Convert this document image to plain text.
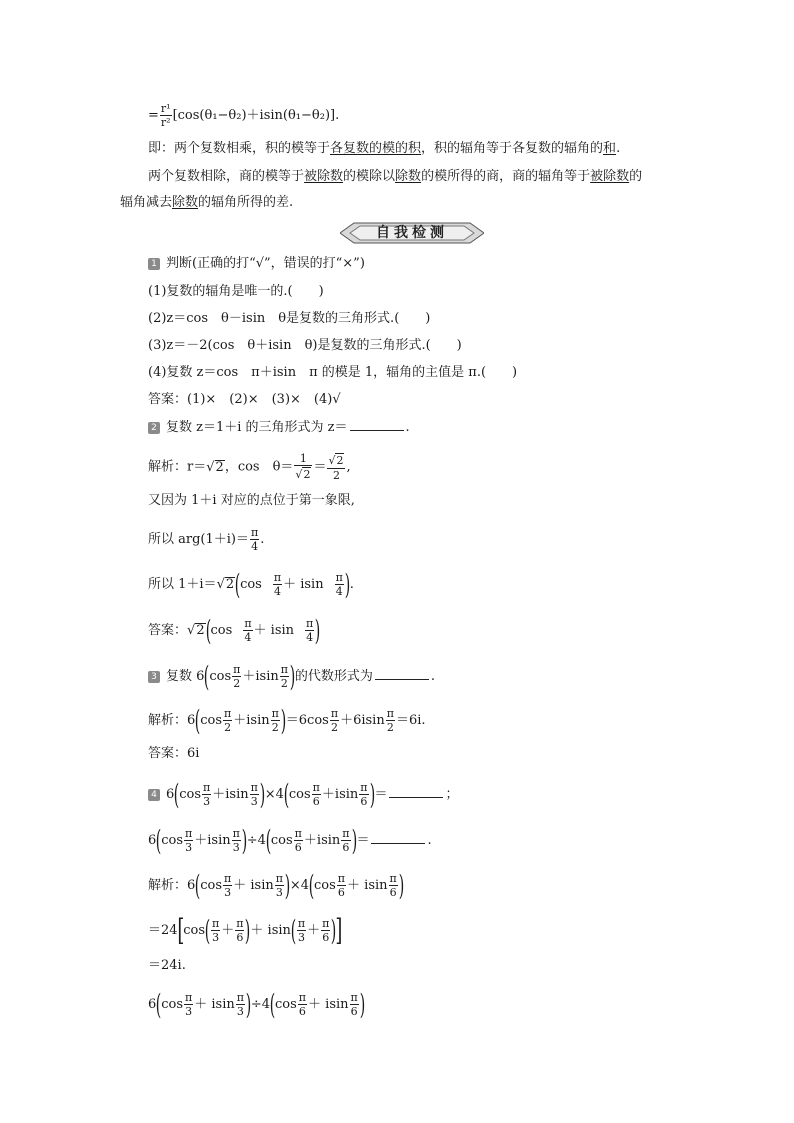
= $\frac{\text{r¹}}{\text{r²}} [\cos(\theta_1-\theta_2)+isin(\theta_1-\theta_2)]$.
即：两个复数相乘，积的模等于各复数的模的积，积的辐角等于各复数的辐角的和.
两个复数相除，商的模等于被除数的模除以除数的模所得的商，商的辐角等于被除数的
辐角减去除数的辐角所得的差.
自我检测
1 判断(正确的打“√”，错误的打“×”)
(1)复数的辐角是唯一的.(　　)
(2)z＝cos　θ－isin　θ是复数的三角形式.(　　)
(3)z＝－2(cos　θ＋isin　θ)是复数的三角形式.(　　)
(4)复数 z＝cos　π＋isin　π 的模是 1，辐角的主值是 π.(　　)
答案：(1)×　(2)×　(3)×　(4)√
2 复数 z＝1＋i 的三角形式为 z＝	.
解析：r＝√2，cos　$\theta= \frac{1}{√2} = \frac{√2}{2}$ ,
又因为 1＋i 对应的点位于第一象限,
所以 $arg(1+i)= \frac{\pi}{4}$ .
所以 $1+i=√2(\cos \frac{\pi}{4} + isin \frac{\pi}{4}$ ).
答案：$√2(\cos \frac{\pi}{4} + isin \frac{\pi}{4}$ )
3 复数 $6(\cos \frac{\pi}{2} +isin \frac{\pi}{2}$ )的代数形式为	.
解析：$6(\cos \frac{\pi}{2} +isin \frac{\pi}{2} )=6\cos \frac{\pi}{2} +6isin \frac{\pi}{2} =6i$.
答案：6i
4 $6(\cos \frac{\pi}{3} +isin \frac{\pi}{3} )\times 4(\cos \frac{\pi}{6} +isin \frac{\pi}{6}$ )＝	；
$6(\cos \frac{\pi}{3} +isin \frac{\pi}{3} )\div 4(\cos \frac{\pi}{6} +isin \frac{\pi}{6}$ )＝	.
解析：$6(\cos \frac{\pi}{3} + isin \frac{\pi}{3} )\times 4(\cos \frac{\pi}{6} + isin \frac{\pi}{6}$ )
$=24[\cos( \frac{\pi}{3} + \frac{\pi}{6}$ )＋ $isin( \frac{\pi}{3} + \frac{\pi}{6}$ )]
＝24i.
$6(\cos \frac{\pi}{3} + isin \frac{\pi}{3} )\div 4(\cos \frac{\pi}{6} + isin \frac{\pi}{6}$ )
